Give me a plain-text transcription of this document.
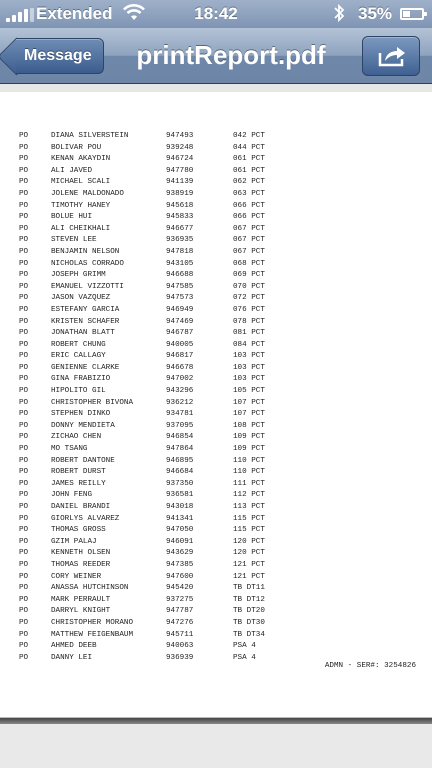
Extended	18:42	35%
Message	printReport.pdf
PO	DIANA SILVERSTEIN	947493	042 PCT
PO	BOLIVAR POU	939248	044 PCT
PO	KENAN AKAYDIN	946724	061 PCT
PO	ALI JAVED	947780	061 PCT
PO	MICHAEL SCALI	941139	062 PCT
PO	JOLENE MALDONADO	938919	063 PCT
PO	TIMOTHY HANEY	945618	066 PCT
PO	BOLUE HUI	945833	066 PCT
PO	ALI CHEIKHALI	946677	067 PCT
PO	STEVEN LEE	936935	067 PCT
PO	BENJAMIN NELSON	947818	067 PCT
PO	NICHOLAS CORRADO	943105	068 PCT
PO	JOSEPH GRIMM	946688	069 PCT
PO	EMANUEL VIZZOTTI	947585	070 PCT
PO	JASON VAZQUEZ	947573	072 PCT
PO	ESTEFANY GARCIA	946949	076 PCT
PO	KRISTEN SCHAFER	947469	078 PCT
PO	JONATHAN BLATT	946787	081 PCT
PO	ROBERT CHUNG	940005	084 PCT
PO	ERIC CALLAGY	946817	103 PCT
PO	GENIENNE CLARKE	946678	103 PCT
PO	GINA FRABIZIO	947002	103 PCT
PO	HIPOLITO GIL	943296	105 PCT
PO	CHRISTOPHER BIVONA	936212	107 PCT
PO	STEPHEN DINKO	934781	107 PCT
PO	DONNY MENDIETA	937095	108 PCT
PO	ZICHAO CHEN	946854	109 PCT
PO	MO TSANG	947864	109 PCT
PO	ROBERT DANTONE	946895	110 PCT
PO	ROBERT DURST	946684	110 PCT
PO	JAMES REILLY	937350	111 PCT
PO	JOHN FENG	936581	112 PCT
PO	DANIEL BRANDI	943018	113 PCT
PO	GIORLYS ALVAREZ	941341	115 PCT
PO	THOMAS GROSS	947050	115 PCT
PO	GZIM PALAJ	946091	120 PCT
PO	KENNETH OLSEN	943629	120 PCT
PO	THOMAS REEDER	947385	121 PCT
PO	CORY WEINER	947600	121 PCT
PO	ANASSA HUTCHINSON	945420	TB DT11
PO	MARK PERRAULT	937275	TB DT12
PO	DARRYL KNIGHT	947787	TB DT20
PO	CHRISTOPHER MORANO	947276	TB DT30
PO	MATTHEW FEIGENBAUM	945711	TB DT34
PO	AHMED DEEB	940063	PSA 4
PO	DANNY LEI	936939	PSA 4
ADMN - SER#: 3254826
